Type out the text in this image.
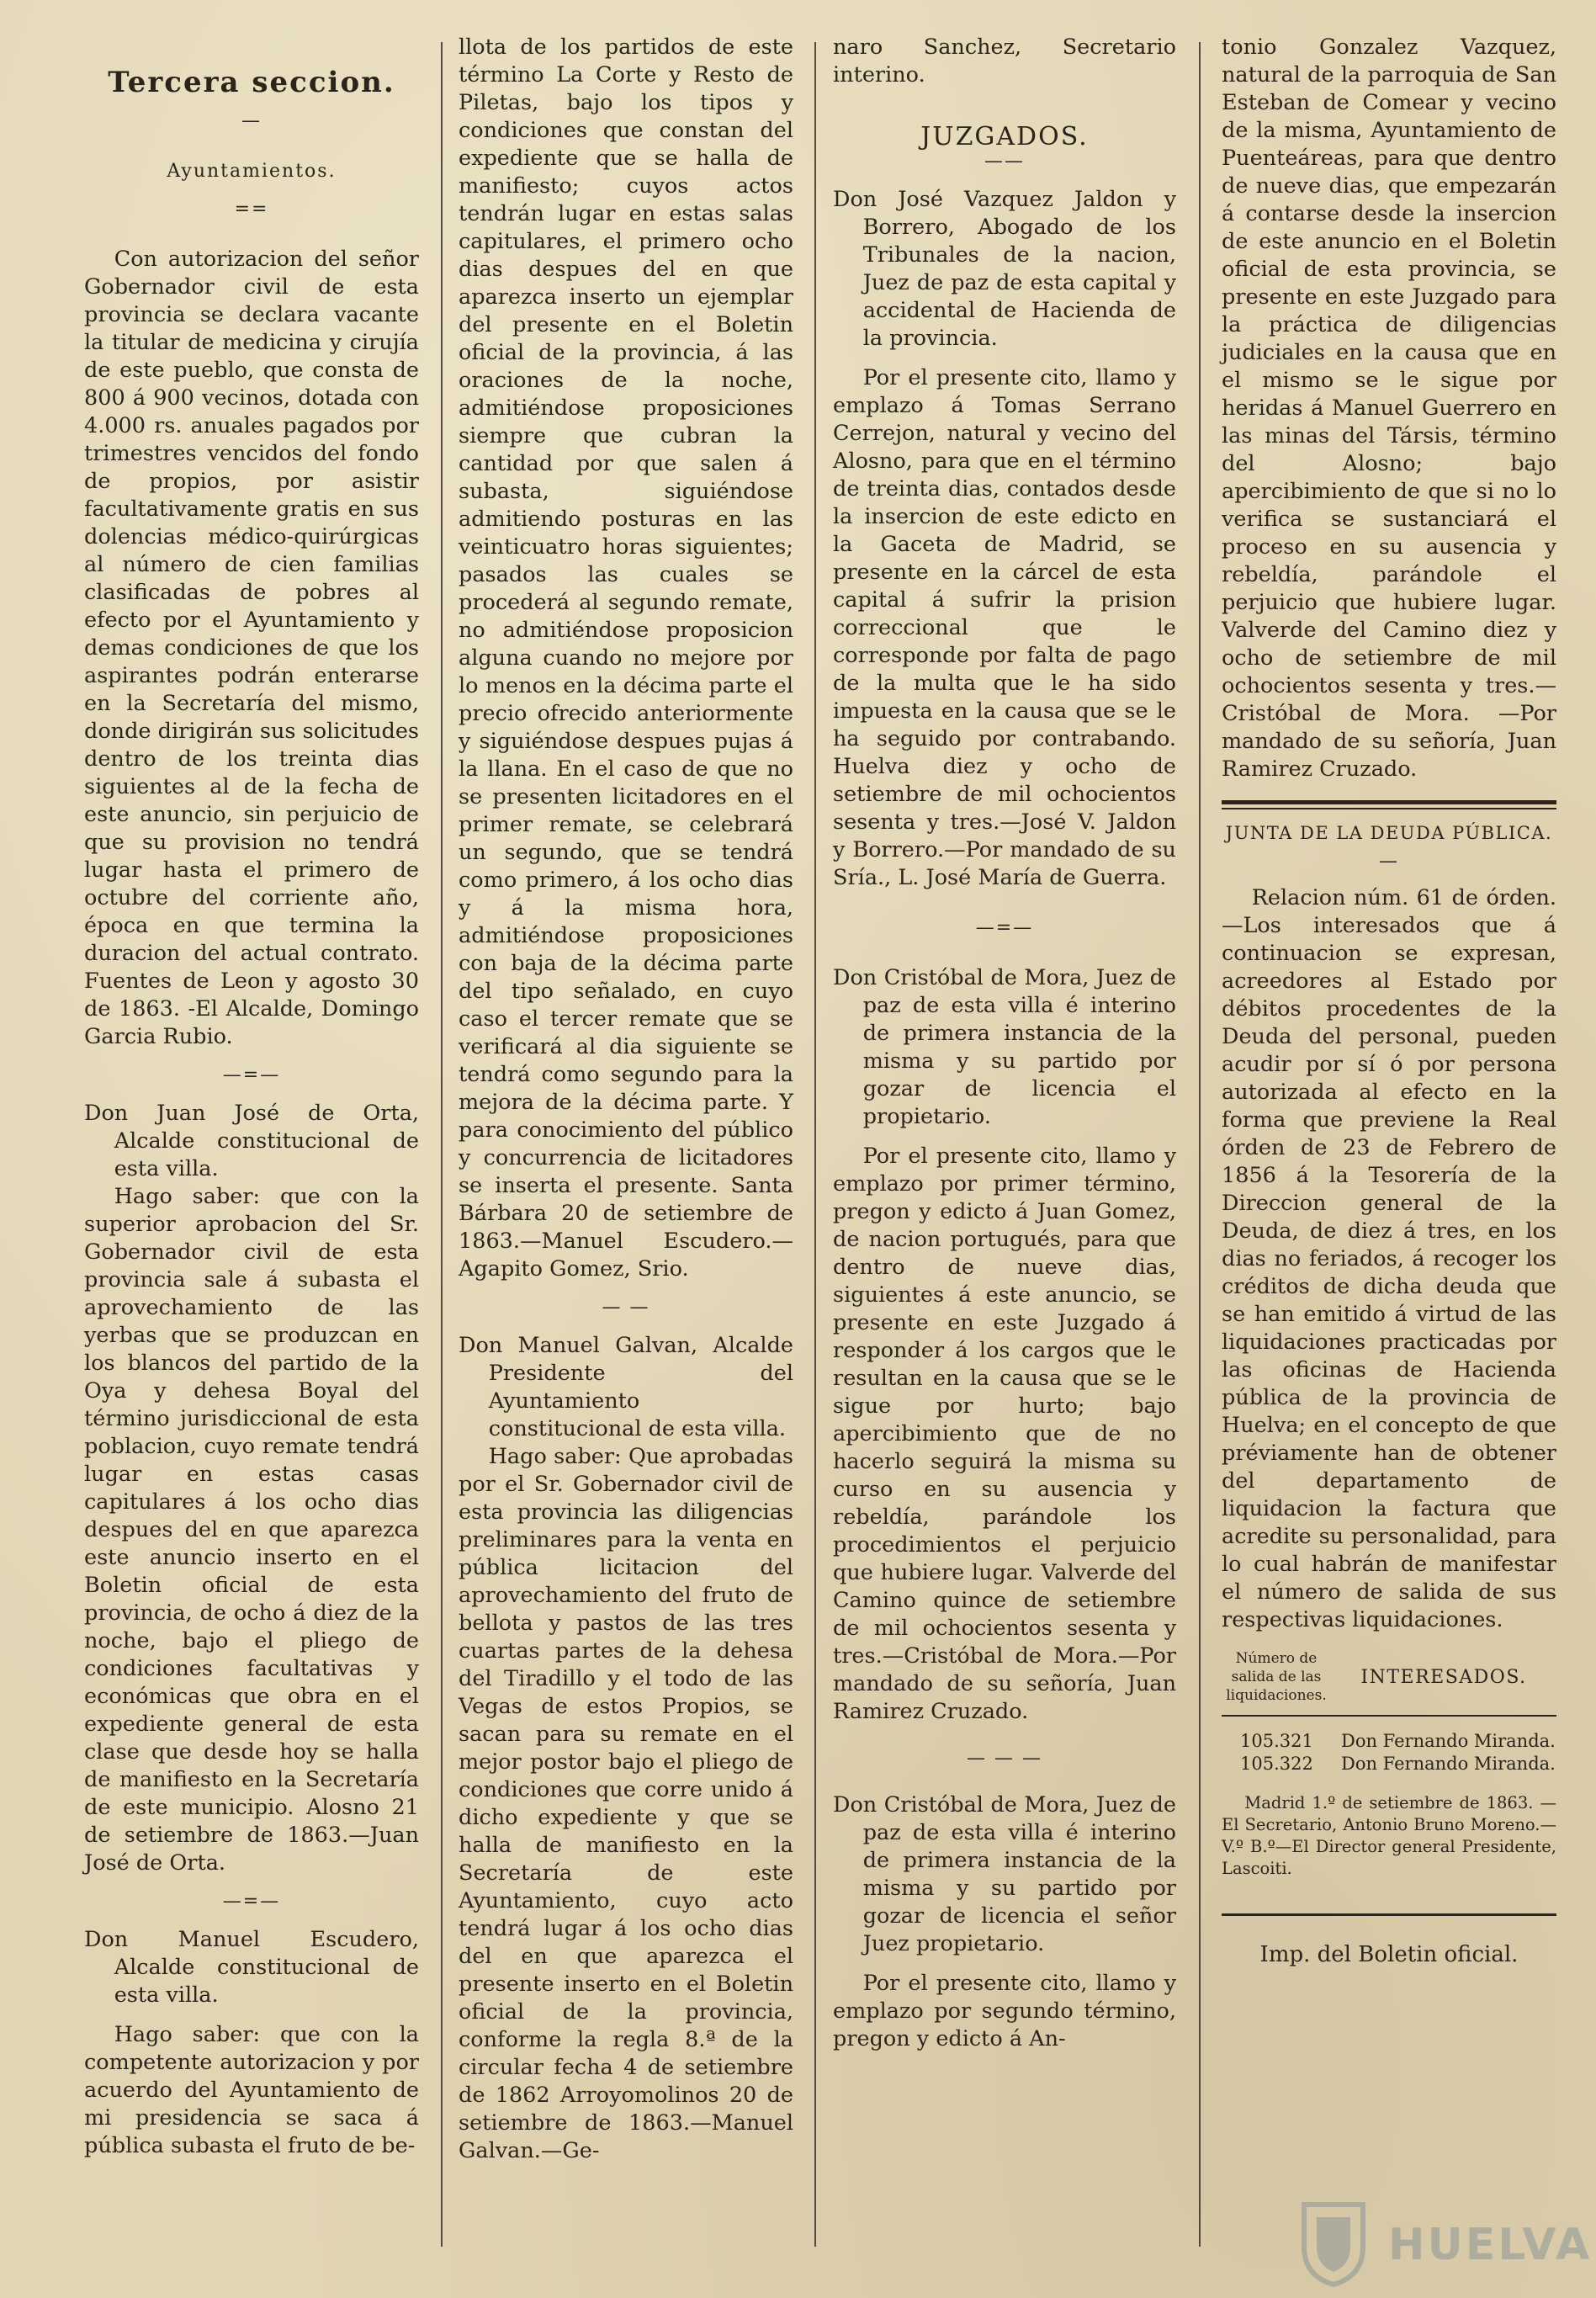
Tercera seccion.

—

Ayuntamientos.

==

Con autorizacion del señor Gobernador civil de esta provincia se declara vacante la titular de medicina y cirujía de este pueblo, que consta de 800 á 900 vecinos, dotada con 4.000 rs. anuales pagados por trimestres vencidos del fondo de propios, por asistir facultativamente gratis en sus dolencias médico-quirúrgicas al número de cien familias clasificadas de pobres al efecto por el Ayuntamiento y demas condiciones de que los aspirantes podrán enterarse en la Secretaría del mismo, donde dirigirán sus solicitudes dentro de los treinta dias siguientes al de la fecha de este anuncio, sin perjuicio de que su provision no tendrá lugar hasta el primero de octubre del corriente año, época en que termina la duracion del actual contrato. Fuentes de Leon y agosto 30 de 1863. -El Alcalde, Domingo Garcia Rubio.

—=—

Don Juan José de Orta, Alcalde constitucional de esta villa.

Hago saber: que con la superior aprobacion del Sr. Gobernador civil de esta provincia sale á subasta el aprovechamiento de las yerbas que se produzcan en los blancos del partido de la Oya y dehesa Boyal del término jurisdiccional de esta poblacion, cuyo remate tendrá lugar en estas casas capitulares á los ocho dias despues del en que aparezca este anuncio inserto en el Boletin oficial de esta provincia, de ocho á diez de la noche, bajo el pliego de condiciones facultativas y económicas que obra en el expediente general de esta clase que desde hoy se halla de manifiesto en la Secretaría de este municipio. Alosno 21 de setiembre de 1863.—Juan José de Orta.

—=—

Don Manuel Escudero, Alcalde constitucional de esta villa.

Hago saber: que con la competente autorizacion y por acuerdo del Ayuntamiento de mi presidencia se saca á pública subasta el fruto de be-

llota de los partidos de este término La Corte y Resto de Piletas, bajo los tipos y condiciones que constan del expediente que se halla de manifiesto; cuyos actos tendrán lugar en estas salas capitulares, el primero ocho dias despues del en que aparezca inserto un ejemplar del presente en el Boletin oficial de la provincia, á las oraciones de la noche, admitiéndose proposiciones siempre que cubran la cantidad por que salen á subasta, siguiéndose admitiendo posturas en las veinticuatro horas siguientes; pasados las cuales se procederá al segundo remate, no admitiéndose proposicion alguna cuando no mejore por lo menos en la décima parte el precio ofrecido anteriormente y siguiéndose despues pujas á la llana. En el caso de que no se presenten licitadores en el primer remate, se celebrará un segundo, que se tendrá como primero, á los ocho dias y á la misma hora, admitiéndose proposiciones con baja de la décima parte del tipo señalado, en cuyo caso el tercer remate que se verificará al dia siguiente se tendrá como segundo para la mejora de la décima parte. Y para conocimiento del público y concurrencia de licitadores se inserta el presente. Santa Bárbara 20 de setiembre de 1863.—Manuel Escudero.—Agapito Gomez, Srio.

— —

Don Manuel Galvan, Alcalde Presidente del Ayuntamiento constitucional de esta villa.

Hago saber: Que aprobadas por el Sr. Gobernador civil de esta provincia las diligencias preliminares para la venta en pública licitacion del aprovechamiento del fruto de bellota y pastos de las tres cuartas partes de la dehesa del Tiradillo y el todo de las Vegas de estos Propios, se sacan para su remate en el mejor postor bajo el pliego de condiciones que corre unido á dicho expediente y que se halla de manifiesto en la Secretaría de este Ayuntamiento, cuyo acto tendrá lugar á los ocho dias del en que aparezca el presente inserto en el Boletin oficial de la provincia, conforme la regla 8.ª de la circular fecha 4 de setiembre de 1862 Arroyomolinos 20 de setiembre de 1863.—Manuel Galvan.—Ge-

naro Sanchez, Secretario interino.

JUZGADOS.

——

Don José Vazquez Jaldon y Borrero, Abogado de los Tribunales de la nacion, Juez de paz de esta capital y accidental de Hacienda de la provincia.

Por el presente cito, llamo y emplazo á Tomas Serrano Cerrejon, natural y vecino del Alosno, para que en el término de treinta dias, contados desde la insercion de este edicto en la Gaceta de Madrid, se presente en la cárcel de esta capital á sufrir la prision correccional que le corresponde por falta de pago de la multa que le ha sido impuesta en la causa que se le ha seguido por contrabando. Huelva diez y ocho de setiembre de mil ochocientos sesenta y tres.—José V. Jaldon y Borrero.—Por mandado de su Sría., L. José María de Guerra.

—=—

Don Cristóbal de Mora, Juez de paz de esta villa é interino de primera instancia de la misma y su partido por gozar de licencia el propietario.

Por el presente cito, llamo y emplazo por primer término, pregon y edicto á Juan Gomez, de nacion portugués, para que dentro de nueve dias, siguientes á este anuncio, se presente en este Juzgado á responder á los cargos que le resultan en la causa que se le sigue por hurto; bajo apercibimiento que de no hacerlo seguirá la misma su curso en su ausencia y rebeldía, parándole los procedimientos el perjuicio que hubiere lugar. Valverde del Camino quince de setiembre de mil ochocientos sesenta y tres.—Cristóbal de Mora.—Por mandado de su señoría, Juan Ramirez Cruzado.

— — —

Don Cristóbal de Mora, Juez de paz de esta villa é interino de primera instancia de la misma y su partido por gozar de licencia el señor Juez propietario.

Por el presente cito, llamo y emplazo por segundo término, pregon y edicto á An-

tonio Gonzalez Vazquez, natural de la parroquia de San Esteban de Comear y vecino de la misma, Ayuntamiento de Puenteáreas, para que dentro de nueve dias, que empezarán á contarse desde la insercion de este anuncio en el Boletin oficial de esta provincia, se presente en este Juzgado para la práctica de diligencias judiciales en la causa que en el mismo se le sigue por heridas á Manuel Guerrero en las minas del Társis, término del Alosno; bajo apercibimiento de que si no lo verifica se sustanciará el proceso en su ausencia y rebeldía, parándole el perjuicio que hubiere lugar. Valverde del Camino diez y ocho de setiembre de mil ochocientos sesenta y tres.—Cristóbal de Mora. —Por mandado de su señoría, Juan Ramirez Cruzado.

JUNTA DE LA DEUDA PÚBLICA.

—

Relacion núm. 61 de órden.—Los interesados que á continuacion se expresan, acreedores al Estado por débitos procedentes de la Deuda del personal, pueden acudir por sí ó por persona autorizada al efecto en la forma que previene la Real órden de 23 de Febrero de 1856 á la Tesorería de la Direccion general de la Deuda, de diez á tres, en los dias no feriados, á recoger los créditos de dicha deuda que se han emitido á virtud de las liquidaciones practicadas por las oficinas de Hacienda pública de la provincia de Huelva; en el concepto de que préviamente han de obtener del departamento de liquidacion la factura que acredite su personalidad, para lo cual habrán de manifestar el número de salida de sus respectivas liquidaciones.

Número de salida de las liquidaciones.
INTERESADOS.
105.321	Don Fernando Miranda.
105.322	Don Fernando Miranda.

Madrid 1.º de setiembre de 1863. —El Secretario, Antonio Bruno Moreno.—V.º B.º—El Director general Presidente, Lascoiti.

Imp. del Boletin oficial.

HUELVA
